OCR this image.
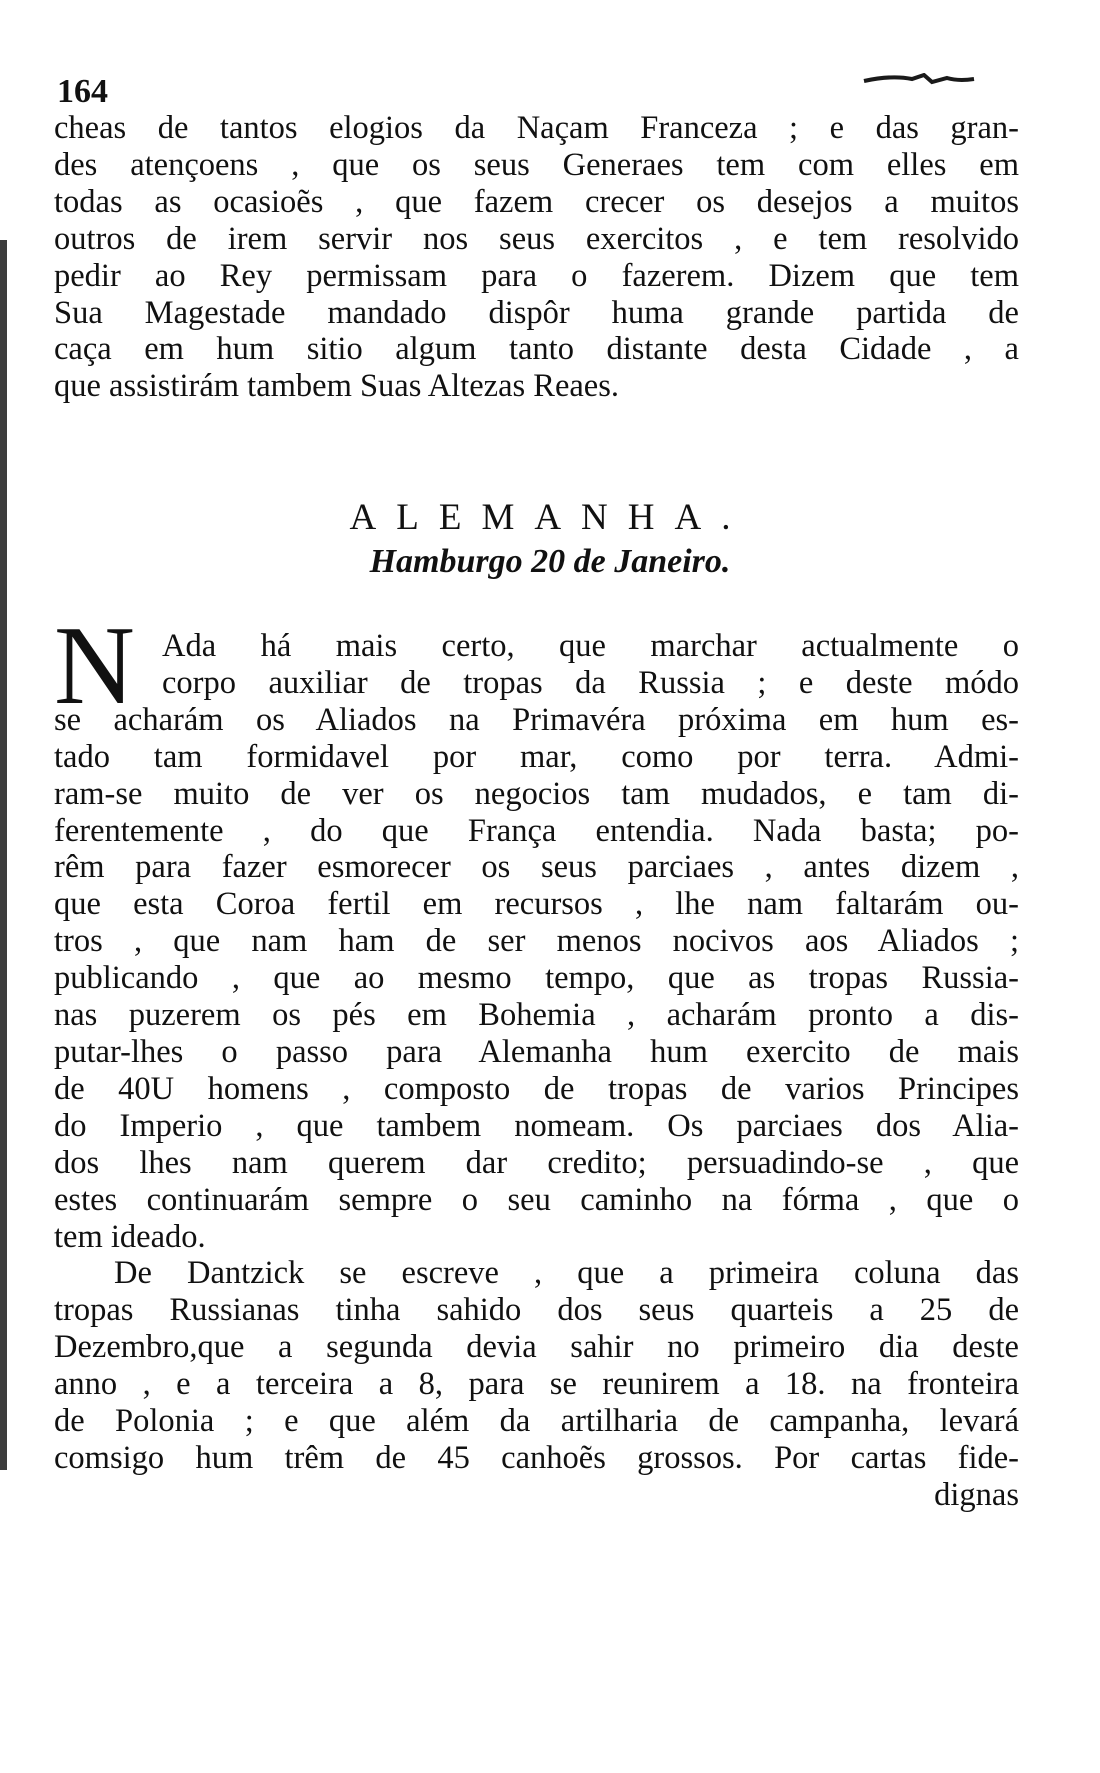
164
cheas de tantos elogios da Naçam Franceza ; e das gran-
des atençoens , que os seus Generaes tem com elles em
todas as ocasioẽs , que fazem crecer os desejos a muitos
outros de irem servir nos seus exercitos , e tem resolvido
pedir ao Rey permissam para o fazerem. Dizem que tem
Sua Magestade mandado dispôr huma grande partida de
caça em hum sitio algum tanto distante desta Cidade , a
que assistirám tambem Suas Altezas Reaes.
ALEMANHA.
Hamburgo 20 de Janeiro.
N Ada há mais certo, que marchar actualmente o
corpo auxiliar de tropas da Russia ; e deste módo
se acharám os Aliados na Primavéra próxima em hum es-
tado tam formidavel por mar, como por terra. Admi-
ram-se muito de ver os negocios tam mudados, e tam di-
ferentemente , do que França entendia. Nada basta; po-
rêm para fazer esmorecer os seus parciaes , antes dizem ,
que esta Coroa fertil em recursos , lhe nam faltarám ou-
tros , que nam ham de ser menos nocivos aos Aliados ;
publicando , que ao mesmo tempo, que as tropas Russia-
nas puzerem os pés em Bohemia , acharám pronto a dis-
putar-lhes o passo para Alemanha hum exercito de mais
de 40U homens , composto de tropas de varios Principes
do Imperio , que tambem nomeam. Os parciaes dos Alia-
dos lhes nam querem dar credito; persuadindo-se , que
estes continuarám sempre o seu caminho na fórma , que o
tem ideado.
De Dantzick se escreve , que a primeira coluna das
tropas Russianas tinha sahido dos seus quarteis a 25 de
Dezembro,que a segunda devia sahir no primeiro dia deste
anno , e a terceira a 8, para se reunirem a 18. na fronteira
de Polonia ; e que além da artilharia de campanha, levará
comsigo hum trêm de 45 canhoẽs grossos. Por cartas fide-
dignas
